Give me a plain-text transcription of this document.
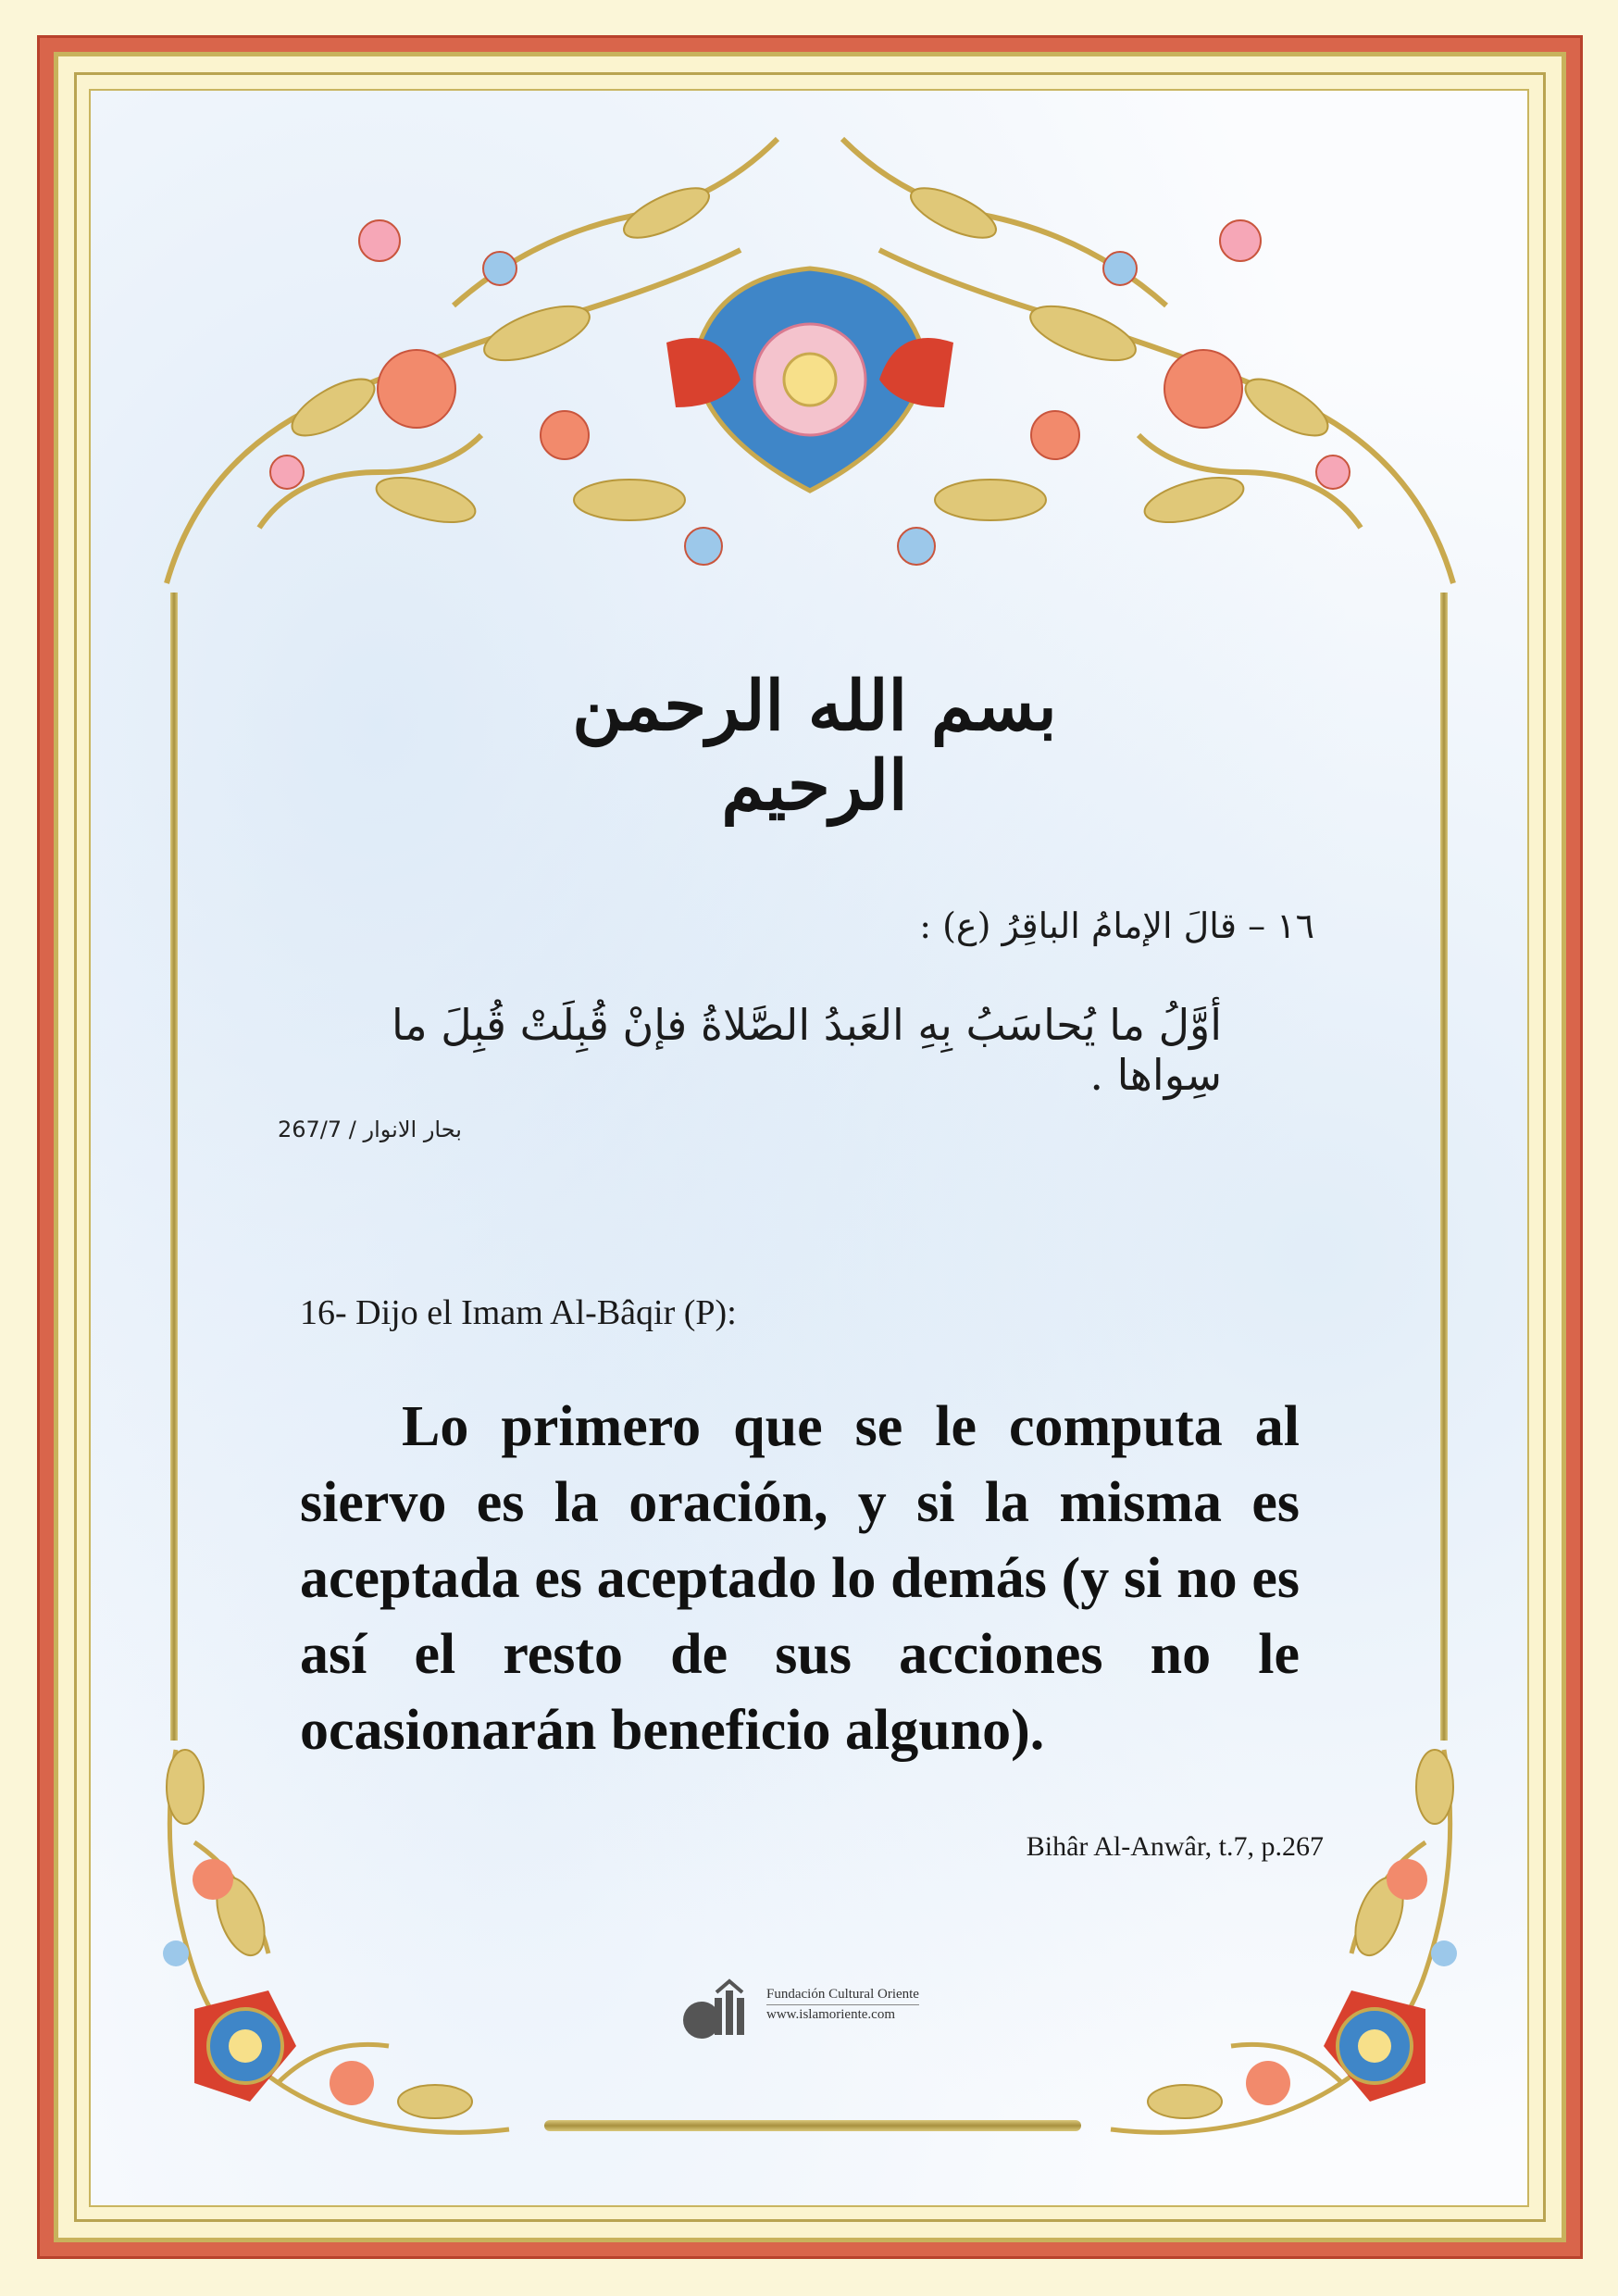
بسم الله الرحمن الرحيم
١٦ – قالَ الإمامُ الباقِرُ (ع) :
أوَّلُ ما يُحاسَبُ بِهِ العَبدُ الصَّلاةُ فإنْ قُبِلَتْ قُبِلَ ما سِواها .
بحار الانوار / 267/7
16- Dijo el Imam Al-Bâqir (P):
Lo primero que se le computa al siervo es la oración, y si la misma es aceptada es aceptado lo demás (y si no es así el resto de sus acciones no le ocasionarán beneficio alguno).
Bihâr Al-Anwâr, t.7, p.267
Fundación Cultural Oriente
www.islamoriente.com
